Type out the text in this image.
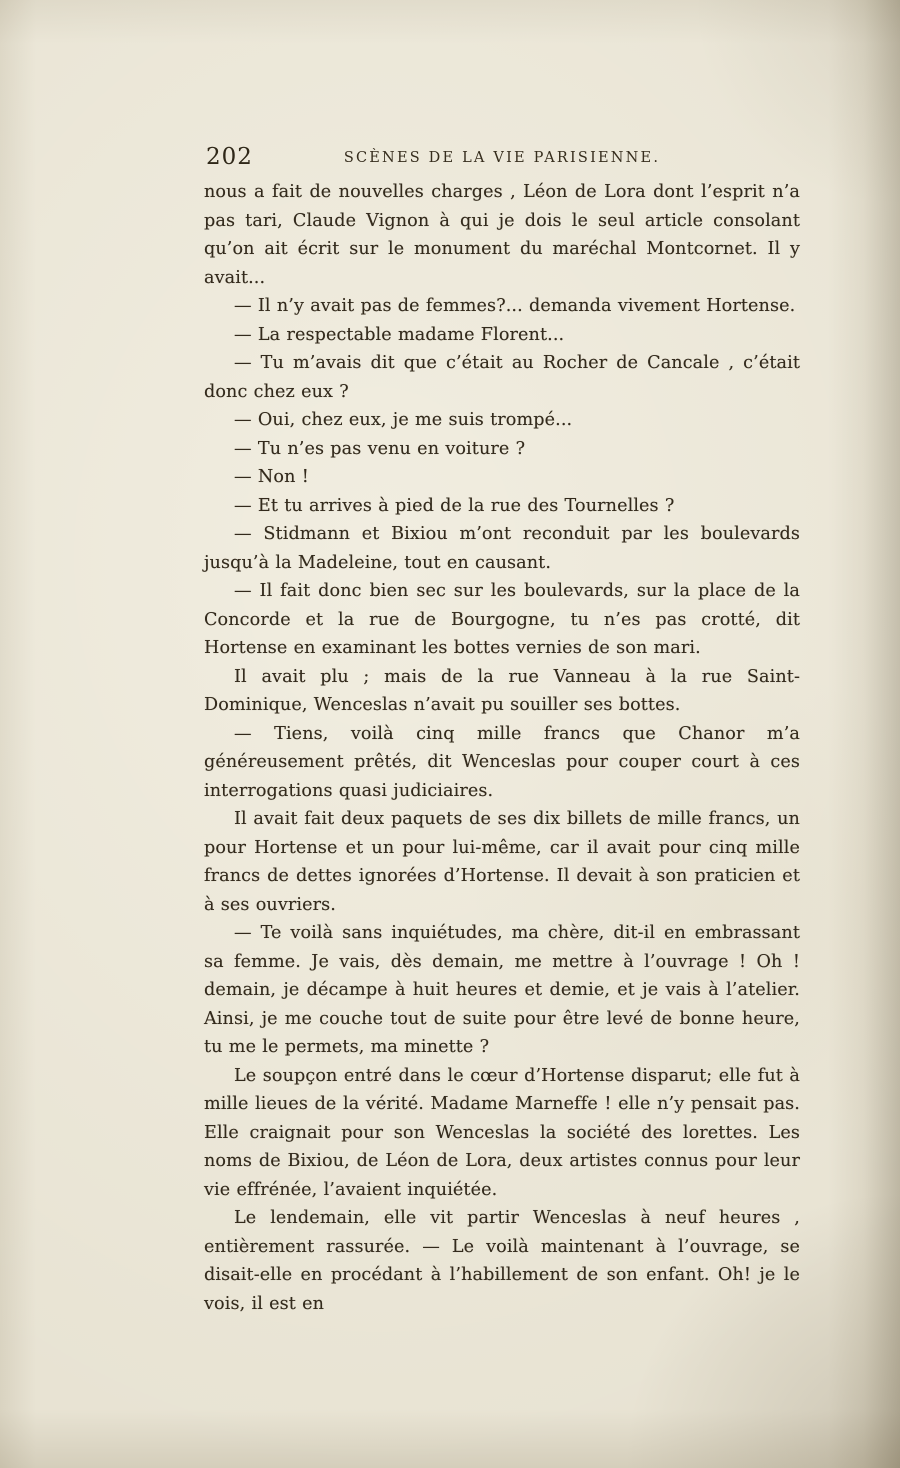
202	SCÈNES DE LA VIE PARISIENNE.

nous a fait de nouvelles charges , Léon de Lora dont l’esprit n’a pas tari, Claude Vignon à qui je dois le seul article consolant qu’on ait écrit sur le monument du maréchal Montcornet. Il y avait...

— Il n’y avait pas de femmes?... demanda vivement Hortense.

— La respectable madame Florent...

— Tu m’avais dit que c’était au Rocher de Cancale , c’était donc chez eux ?

— Oui, chez eux, je me suis trompé...

— Tu n’es pas venu en voiture ?

— Non !

— Et tu arrives à pied de la rue des Tournelles ?

— Stidmann et Bixiou m’ont reconduit par les boulevards jusqu’à la Madeleine, tout en causant.

— Il fait donc bien sec sur les boulevards, sur la place de la Concorde et la rue de Bourgogne, tu n’es pas crotté, dit Hortense en examinant les bottes vernies de son mari.

Il avait plu ; mais de la rue Vanneau à la rue Saint-Dominique, Wenceslas n’avait pu souiller ses bottes.

— Tiens, voilà cinq mille francs que Chanor m’a généreusement prêtés, dit Wenceslas pour couper court à ces interrogations quasi judiciaires.

Il avait fait deux paquets de ses dix billets de mille francs, un pour Hortense et un pour lui-même, car il avait pour cinq mille francs de dettes ignorées d’Hortense. Il devait à son praticien et à ses ouvriers.

— Te voilà sans inquiétudes, ma chère, dit-il en embrassant sa femme. Je vais, dès demain, me mettre à l’ouvrage ! Oh ! demain, je décampe à huit heures et demie, et je vais à l’atelier. Ainsi, je me couche tout de suite pour être levé de bonne heure, tu me le permets, ma minette ?

Le soupçon entré dans le cœur d’Hortense disparut; elle fut à mille lieues de la vérité. Madame Marneffe ! elle n’y pensait pas. Elle craignait pour son Wenceslas la société des lorettes. Les noms de Bixiou, de Léon de Lora, deux artistes connus pour leur vie effrénée, l’avaient inquiétée.

Le lendemain, elle vit partir Wenceslas à neuf heures , entièrement rassurée. — Le voilà maintenant à l’ouvrage, se disait-elle en procédant à l’habillement de son enfant. Oh! je le vois, il est en
